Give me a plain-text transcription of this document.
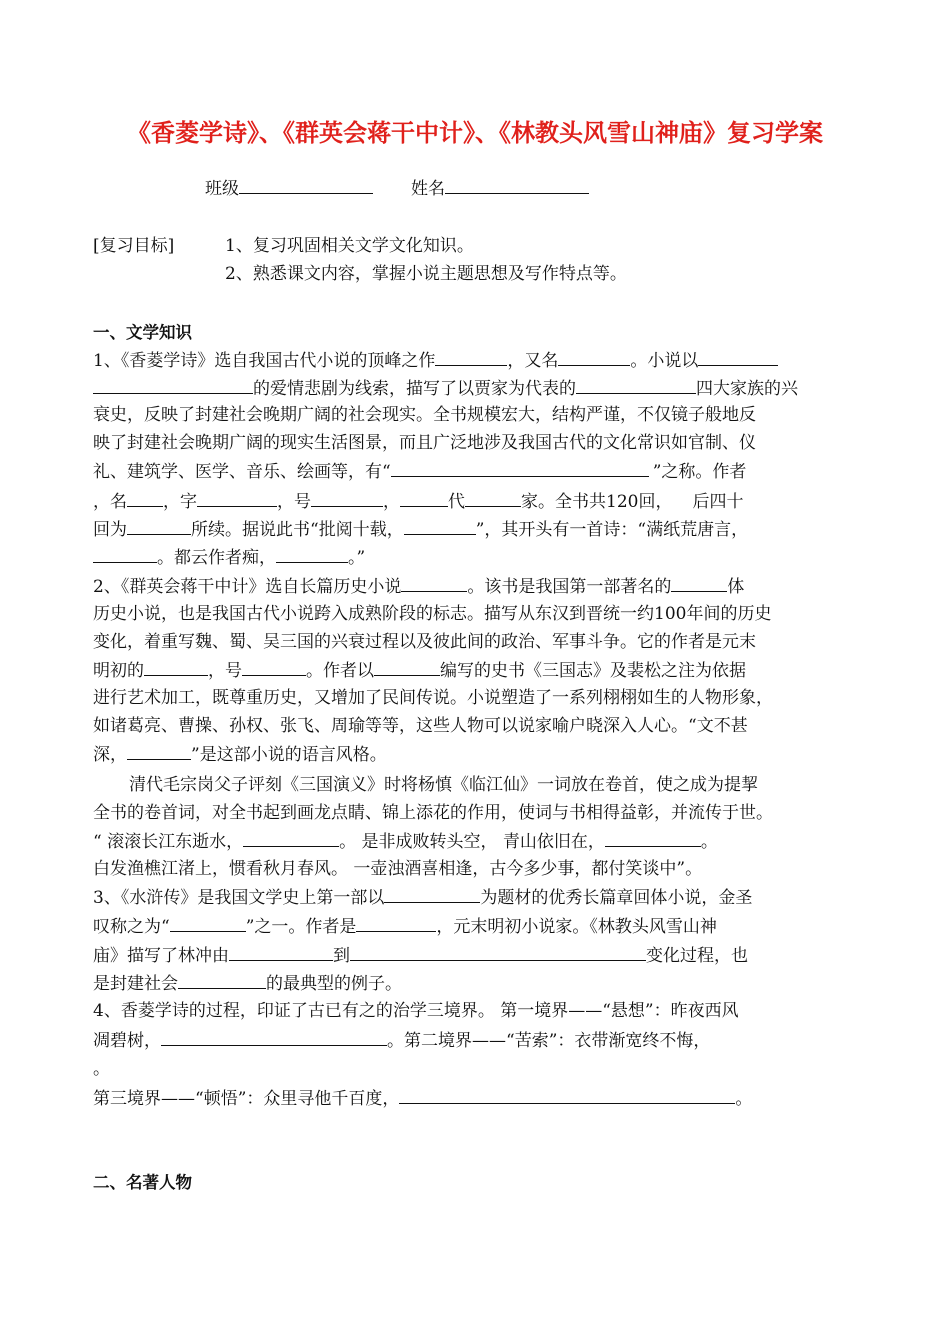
《香菱学诗》、《群英会蒋干中计》、《林教头风雪山神庙》复习学案

班级	姓名

[复习目标]	1、复习巩固相关文学文化知识。

2、熟悉课文内容，掌握小说主题思想及写作特点等。

一、文学知识

1、《香菱学诗》选自我国古代小说的顶峰之作	，又名	。小说以

的爱情悲剧为线索，描写了以贾家为代表的	四大家族的兴

衰史，反映了封建社会晚期广阔的社会现实。全书规模宏大，结构严谨，不仅镜子般地反

映了封建社会晚期广阔的现实生活图景，而且广泛地涉及我国古代的文化常识如官制、仪

礼、建筑学、医学、音乐、绘画等，有“	”之称。作者

，名 ，字	，号	，	代	家。全书共120回， 后四十

回为	所续。据说此书“批阅十载，	”，其开头有一首诗：“满纸荒唐言，

。都云作者痴，	。”

2、《群英会蒋干中计》选自长篇历史小说	。该书是我国第一部著名的	体

历史小说，也是我国古代小说跨入成熟阶段的标志。描写从东汉到晋统一约100年间的历史

变化，着重写魏、蜀、吴三国的兴衰过程以及彼此间的政治、军事斗争。它的作者是元末

明初的	，号	。作者以	编写的史书《三国志》及裴松之注为依据

进行艺术加工，既尊重历史，又增加了民间传说。小说塑造了一系列栩栩如生的人物形象，

如诸葛亮、曹操、孙权、张飞、周瑜等等，这些人物可以说家喻户晓深入人心。“文不甚

深，	”是这部小说的语言风格。

清代毛宗岗父子评刻《三国演义》时将杨慎《临江仙》一词放在卷首，使之成为提挈

全书的卷首词，对全书起到画龙点睛、锦上添花的作用，使词与书相得益彰，并流传于世。

“ 滚滚长江东逝水，	。 是非成败转头空， 青山依旧在，	。

白发渔樵江渚上，惯看秋月春风。 一壶浊酒喜相逢，古今多少事，都付笑谈中”。

3、《水浒传》是我国文学史上第一部以	为题材的优秀长篇章回体小说，金圣

叹称之为“	”之一。作者是	，元末明初小说家。《林教头风雪山神

庙》描写了林冲由	到	变化过程，也

是封建社会	的最典型的例子。

4、香菱学诗的过程，印证了古已有之的治学三境界。 第一境界——“悬想”：昨夜西风

凋碧树，	。第二境界——“苦索”：衣带渐宽终不悔，

。

第三境界——“顿悟”：众里寻他千百度，	。

二、名著人物
